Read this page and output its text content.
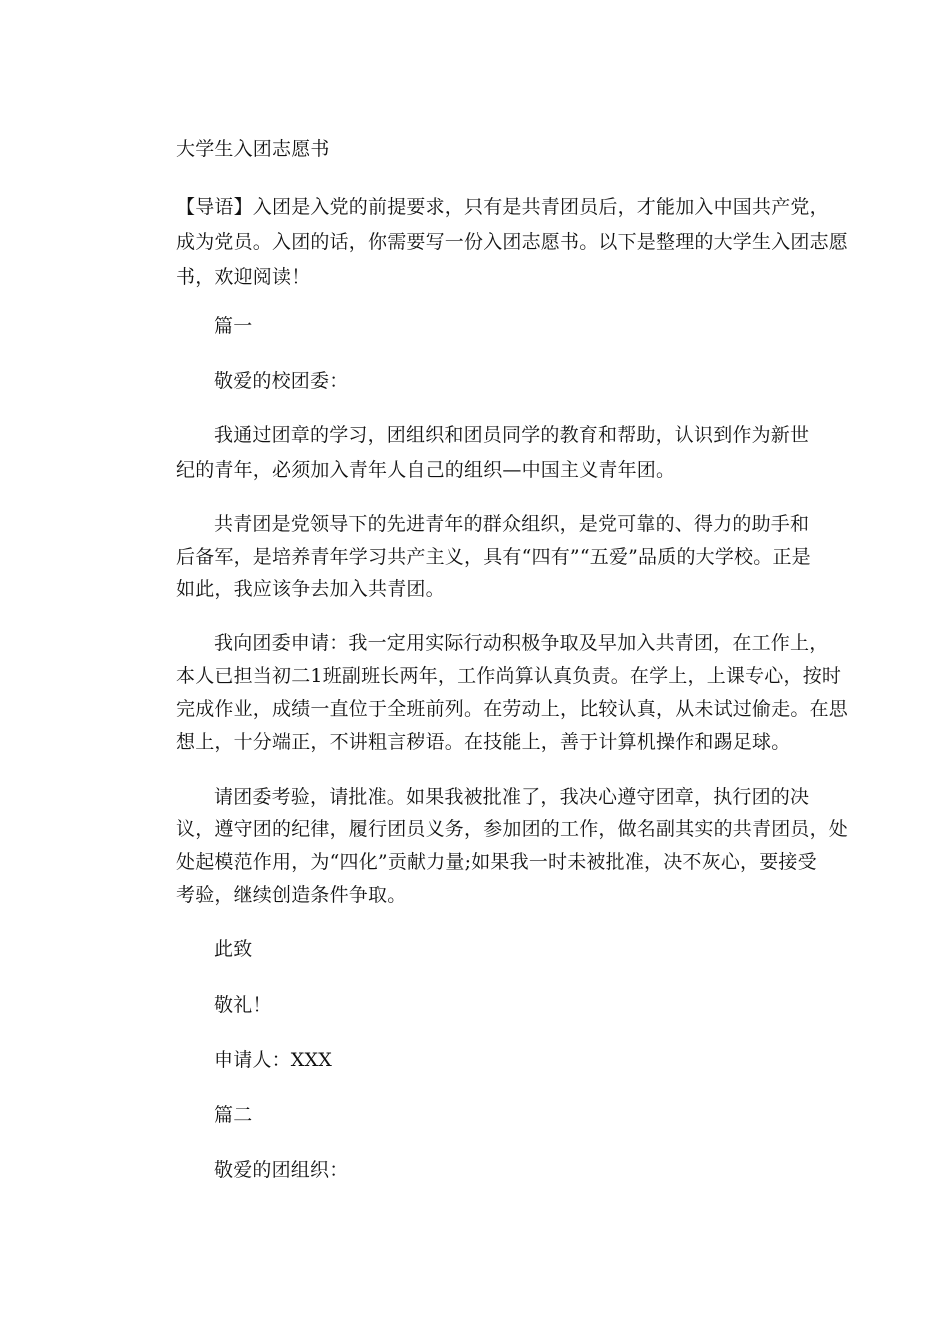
大学生入团志愿书
【导语】入团是入党的前提要求，只有是共青团员后，才能加入中国共产党，
成为党员。入团的话，你需要写一份入团志愿书。以下是整理的大学生入团志愿
书，欢迎阅读！
篇一
敬爱的校团委：
我通过团章的学习，团组织和团员同学的教育和帮助，认识到作为新世
纪的青年，必须加入青年人自己的组织—中国主义青年团。
共青团是党领导下的先进青年的群众组织，是党可靠的、得力的助手和
后备军，是培养青年学习共产主义，具有“四有”“五爱”品质的大学校。正是
如此，我应该争去加入共青团。
我向团委申请：我一定用实际行动积极争取及早加入共青团，在工作上，
本人已担当初二1班副班长两年，工作尚算认真负责。在学上，上课专心，按时
完成作业，成绩一直位于全班前列。在劳动上，比较认真，从未试过偷走。在思
想上，十分端正，不讲粗言秽语。在技能上，善于计算机操作和踢足球。
请团委考验，请批准。如果我被批准了，我决心遵守团章，执行团的决
议，遵守团的纪律，履行团员义务，参加团的工作，做名副其实的共青团员，处
处起模范作用，为“四化”贡献力量;如果我一时未被批准，决不灰心，要接受
考验，继续创造条件争取。
此致
敬礼！
申请人：XXX
篇二
敬爱的团组织：
